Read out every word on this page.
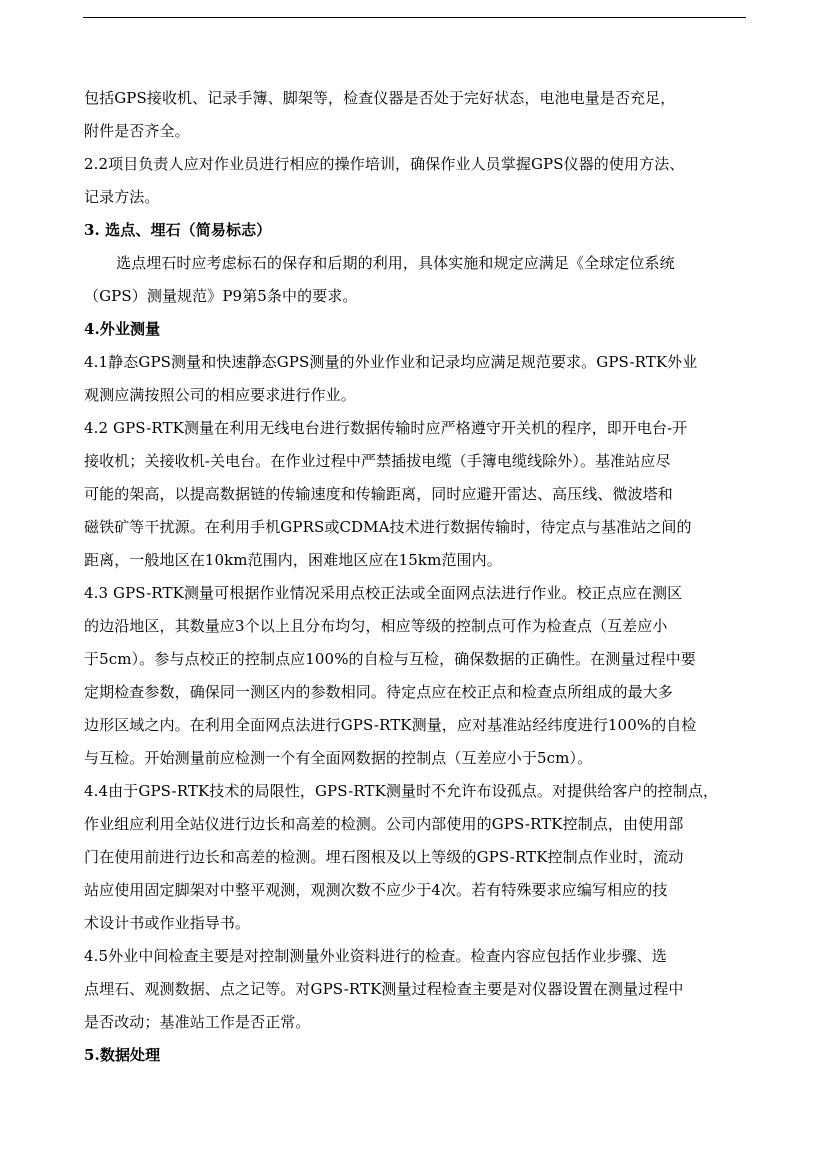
包括GPS接收机、记录手簿、脚架等，检查仪器是否处于完好状态，电池电量是否充足，
附件是否齐全。
2.2项目负责人应对作业员进行相应的操作培训，确保作业人员掌握GPS仪器的使用方法、
记录方法。
3. 选点、埋石（简易标志）
选点埋石时应考虑标石的保存和后期的利用，具体实施和规定应满足《全球定位系统
（GPS）测量规范》P9第5条中的要求。
4.外业测量
4.1静态GPS测量和快速静态GPS测量的外业作业和记录均应满足规范要求。GPS-RTK外业
观测应满按照公司的相应要求进行作业。
4.2 GPS-RTK测量在利用无线电台进行数据传输时应严格遵守开关机的程序，即开电台-开
接收机；关接收机-关电台。在作业过程中严禁插拔电缆（手簿电缆线除外）。基准站应尽
可能的架高，以提高数据链的传输速度和传输距离，同时应避开雷达、高压线、微波塔和
磁铁矿等干扰源。在利用手机GPRS或CDMA技术进行数据传输时，待定点与基准站之间的
距离，一般地区在10km范围内，困难地区应在15km范围内。
4.3 GPS-RTK测量可根据作业情况采用点校正法或全面网点法进行作业。校正点应在测区
的边沿地区，其数量应3个以上且分布均匀，相应等级的控制点可作为检查点（互差应小
于5cm）。参与点校正的控制点应100%的自检与互检，确保数据的正确性。在测量过程中要
定期检查参数，确保同一测区内的参数相同。待定点应在校正点和检查点所组成的最大多
边形区域之内。在利用全面网点法进行GPS-RTK测量，应对基准站经纬度进行100%的自检
与互检。开始测量前应检测一个有全面网数据的控制点（互差应小于5cm）。
4.4由于GPS-RTK技术的局限性，GPS-RTK测量时不允许布设孤点。对提供给客户的控制点，
作业组应利用全站仪进行边长和高差的检测。公司内部使用的GPS-RTK控制点，由使用部
门在使用前进行边长和高差的检测。埋石图根及以上等级的GPS-RTK控制点作业时，流动
站应使用固定脚架对中整平观测，观测次数不应少于4次。若有特殊要求应编写相应的技
术设计书或作业指导书。
4.5外业中间检查主要是对控制测量外业资料进行的检查。检查内容应包括作业步骤、选
点埋石、观测数据、点之记等。对GPS-RTK测量过程检查主要是对仪器设置在测量过程中
是否改动；基准站工作是否正常。
5.数据处理
